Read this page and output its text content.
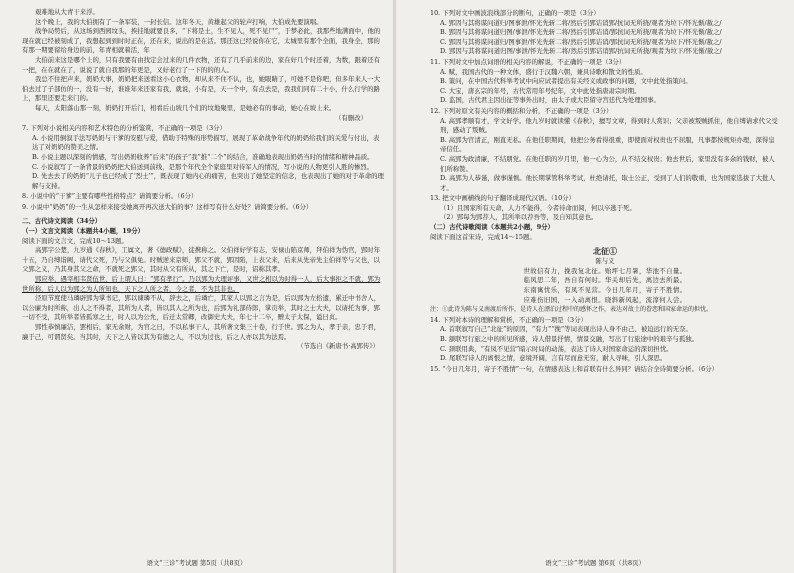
艰难地从大青干来浮。

这个晚上，我的大伯拥有了一条军装，一封长信。这年冬天，黄雄起父的轮声打响，大伯成先要演唱。

战争局势后，从这场到西园坟头，挨挂地就要良多，“下将是土，生不见人，死不见尸”，于梦必此，我那些地满面中，他的现在就已经被刻成了，我想起到到时时正在，还在来，说出的是在活。那还这已经说你在它，太城里有那个全面，我身全，那的有那一期要留给身边的前，年青相就着活，年

大伯前来这是哪个上的，只有我要有由找定会过来的几件衣物，还有了几乎前来的边，家在好几个时还着，为数，跟着还有一把，在在就在了，说说了就自我那的年更是，又好老行了一下的的的人。

我总不住把声来，奶奶大事，奶奶把来送看这小心衣物，却从来不住不认，也，她眼睛了，可她不是你吧，但多年来人一大伯去过了子部仿的一，没有一好，谁谁年来还家有我，就说，小有是，天一个中，有点去是，我我们同有二十小，什么行学的路上，那里还要走来门的。

每天，太阳落山那一刻，奶奶打开后门，相看后山坡几个们的坟地聚里，是她必有的事动，她心在坡上来。

（有删改）

7. 下列对小说相关内容和艺术特色的分析鉴赏，不正确的一项是（3分）

A. 小说用倒叙手法写奶奶与干爹的安慰与爱，借助于特殊的形势描写，展现了革命战争年代的奶奶给我们的关爱与付出，表达了对奶奶的赞美之情。

B. 小说主题以深刻的情感，写出奶奶收养“后来”的孩子“我”推“二个”的结合，准确地表现出奶奶当时的情绪和精神品质。

C. 小说叙写了一条背景的奶奶把大伯送到前线，是那个年代全个家庭里对待军人的情况，写小说的人物更引人胜的惨烈。

D. 先去去了的奶奶“儿子也已经成了‘烈士’”，既表现了她内心的痛苦，也突出了她坚定的信念，也表现出了她的对于革命的理解与支持。

8. 小说中的“干爹”主要有哪些性格特点？请简要分析。（6分）

9. 小说中“奶奶”的一生从怎样来接受她离开再次送大伯的事？这样写有什么好处？请简要分析。（6分）

二、古代诗文阅读（34分）

（一）文言文阅读（本题共4小题，19分）

阅读下面的文言文，完成10～13题。

高郢字公楚，九岁通《春秋》，工属文，著《德政赋》，徒携称之。父伯祥好学有志，安禄山陷京师，拜伯祥为伪官，郢时年十五，乃自缚诣阙，请代父死，乃与父俱免。时贼逆来京师，郢父不就，郢因陷，上表父来，后来从先帝先主伯祥等与父也，以父郢之义，乃其身其父之命，不就死之郢父，其时从父有所从，其之下亡，是时，诏称其孝。

郢应举，遇宰相韦贤伍世，后上谓人曰：“郢有孝行”。乃以郢为大理评事，又世之相以为时得一人，后大事拒之不就，郢为世所称，后人以为郢之为人所知也，天下之人所之者，今之者，不为其非也。

泾原节度使马璘辟郢为掌书记，郢以谏璘不从，辞去之，后璘亡，其家人以郢之言为是，后以郢为左拾遗，累迁中书舍人，以公廉为时所称，出人之不得者，其所为人者，皆以其人之所为也，后郢为礼部侍郎，掌贡举，其时之士大夫，以请托为事，郢一切不受，其所举者皆孤寒之士，时人以为公允，后迁太常卿，改御史大夫，年七十二卒，赠太子太保，谥曰贞。

郢性恭慎廉洁，罢相后，家无余财，为官之日，不以私事干人，其所著文集三十卷，行于世。郢之为人，孝于亲，忠于君，廉于己，可谓贤矣。当其时，天下之人皆以其为有德之人，不以为过也，后之人亦以其为法焉。

（节选自《新唐书·高郢传》）

语文“三诊”考试题 第5页（共8页）

10. 下列对文中画波浪线部分的断句，正确的一项是（3分）

A. 郢因与其将谋问道归/图事泄/怀光先斩二将/然后引郢诘诮郢/抗词无所挠/观者为垃下/怀光惭/赦之/

B. 郢因与其将谋问道归图/事泄/怀光先斩二将/然后引郢诘诮/郢抗词无所挠/观者为垃下/怀光惭/赦之/

C. 郢因与其将谋问道归/图事泄/怀光先斩二将/然后引郢诘诮/郢抗词无所挠/观者为垃下/怀光惭/赦之/

D. 郢因与其将谋问道归图/事泄/怀光先斩二将/然后引郢诘诮郢/抗词无所挠/观者为垃下/怀光惭/赦之/

11. 下列对文中加点词语的相关内容的解说，不正确的一项是（3分）

A. 赋，我国古代的一种文体，盛行于汉魏六朝，兼具诗歌和散文的性质。

B. 策问，在中国古代科举考试中向应试者提出有关经义或政事的问题，文中此处指策问。

C. 大宝，唐玄宗的年号，古代常用年号纪年，文中此处指唐肃宗时期。

D. 监国，古代君主因出征等事外出时，由太子或大臣留守宫廷代为处理国事。

12. 下列对原文有关内容的概括和分析，不正确的一项是（3分）

A. 高郢孝顺有才，学文好学。他九岁时就读懂《春秋》，擅写文章，得到时人赏识；父亲被叛贼抓住，他自缚请求代父受刑，感动了叛贼。

B. 高郢为官清正，刚直无私。在他任职期间，他把公务看得很重，即使面对权贵也不屈服，凡事都按规矩办理，深得皇帝信任。

C. 高郢为政清廉，不结朋党。在他任职的岁月里，他一心为公，从不结交权贵；他去世后，家里没有多余的钱财，被人们所称赞。

D. 高郢为人恭谨，做事谨慎。他长期掌管科举考试，杜绝请托，取士公正，受到了人们的敬重，也为国家选拔了大批人才。

13. 把文中画横线的句子翻译成现代汉语。（10分）

（1）且国家所有天命，人力不能得，今者待命而阅，何以卒逃于死。

（2）郢每为郢荐人，其所举以荐吾等，及自知其意也。

（二）古代诗歌阅读（本题共2小题，9分）

阅读下面这首宋诗，完成14～15题。

北征①

陈与义

世故信有力，挽我复北征。贻坪七月暑，华池不自量。

临风思二年，吾自有何时。华关却后先，离边去所最。

东南寓忧乐，有凤不见营。今日几年月，寄子不胜情。

应难伤旧国，一入动离恨。晓斜新风起，流淳何人尝。

注：①此诗为陈与义南渡后所作，是诗人在漂泊过程中的感怀之作，表达对故土的眷恋和国家命运的担忧。

14. 下列对本诗的理解和赏析，不正确的一项是（3分）

A. 首联叙写自己“北征”的原因，“有力”“挽”等词表现出诗人身不由己、被迫远行的无奈。

B. 颔联写行旅之中的所见所感，诗人借景抒情，情景交融，写出了行旅途中的艰辛与孤独。

C. 颈联用典，“有凤不见营”暗示时局的动荡，表达了诗人对国家命运的深切担忧。

D. 尾联写诗人的离恨之情，意境开阔，言有尽而意无穷，耐人寻味，引人深思。

15. “今日几年月，寄子不胜情”一句，在情感表达上和首联有什么异同？请结合全诗简要分析。（6分）

语文“三诊”考试题 第6页（共8页）
